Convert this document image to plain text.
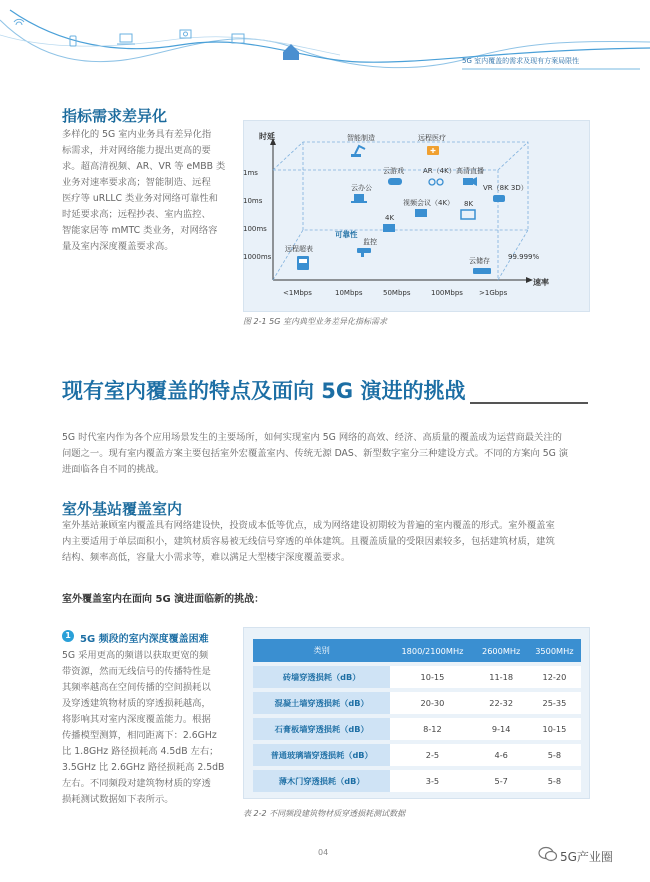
5G 室内覆盖的需求及现有方案局限性
指标需求差异化
多样化的 5G 室内业务具有差异化指
标需求，并对网络能力提出更高的要
求。超高清视频、AR、VR 等 eMBB 类
业务对速率要求高；智能制造、远程
医疗等 uRLLC 类业务对网络可靠性和
时延要求高；远程抄表、室内监控、
智能家居等 mMTC 类业务，对网络容
量及室内深度覆盖要求高。
时延
速率
可靠性
99.999%
1ms
10ms
100ms
1000ms
<1Mbps	10Mbps	50Mbps	100Mbps >1Gbps
智能制造	远程医疗
云游戏	AR（4K） 高清直播
云办公	VR（8K 3D）
视频会议（4K） 8K
4K
远程超表
监控
云储存
图 2-1 5G 室内典型业务差异化指标需求
现有室内覆盖的特点及面向 5G 演进的挑战
5G 时代室内作为各个应用场景发生的主要场所，如何实现室内 5G 网络的高效、经济、高质量的覆盖成为运营商最关注的
问题之一。现有室内覆盖方案主要包括室外宏覆盖室内、传统无源 DAS、新型数字室分三种建设方式。不同的方案向 5G 演
进面临各自不同的挑战。
室外基站覆盖室内
室外基站兼顾室内覆盖具有网络建设快，投资成本低等优点，成为网络建设初期较为普遍的室内覆盖的形式。室外覆盖室
内主要适用于单层面积小，建筑材质容易被无线信号穿透的单体建筑。且覆盖质量的受限因素较多，包括建筑材质，建筑
结构、频率高低，容量大小需求等，难以满足大型楼宇深度覆盖要求。
室外覆盖室内在面向 5G 演进面临新的挑战：
1 5G 频段的室内深度覆盖困难
5G 采用更高的频谱以获取更宽的频
带资源，然而无线信号的传播特性是
其频率越高在空间传播的空间损耗以
及穿透建筑物材质的穿透损耗越高，
将影响其对室内深度覆盖能力。根据
传播模型测算，相同距离下：2.6GHz
比 1.8GHz 路径损耗高 4.5dB 左右；
3.5GHz 比 2.6GHz 路径损耗高 2.5dB
左右。不同频段对建筑物材质的穿透
损耗测试数据如下表所示。
类别	1800/2100MHz	2600MHz	3500MHz
砖墙穿透损耗（dB）	10-15	11-18	12-20
混凝土墙穿透损耗（dB）	20-30	22-32	25-35
石膏板墙穿透损耗（dB）	8-12	9-14	10-15
普通玻璃墙穿透损耗（dB）	2-5	4-6	5-8
薄木门穿透损耗（dB）	3-5	5-7	5-8
表 2-2 不同频段建筑物材质穿透损耗测试数据
04	5G产业圈
